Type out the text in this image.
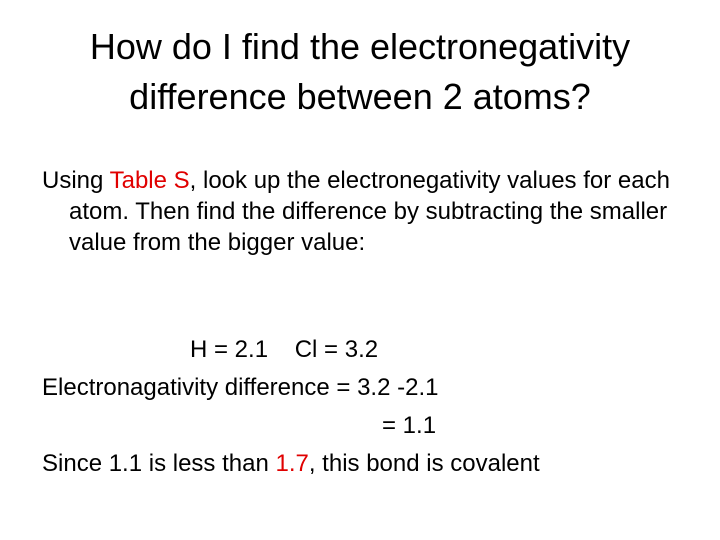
How do I find the electronegativity
difference between 2 atoms?

Using Table S, look up the electronegativity values for each atom. Then find the difference by subtracting the smaller value from the bigger value:

H = 2.1    Cl = 3.2

Electronagativity difference = 3.2 -2.1

= 1.1

Since 1.1 is less than 1.7, this bond is covalent
